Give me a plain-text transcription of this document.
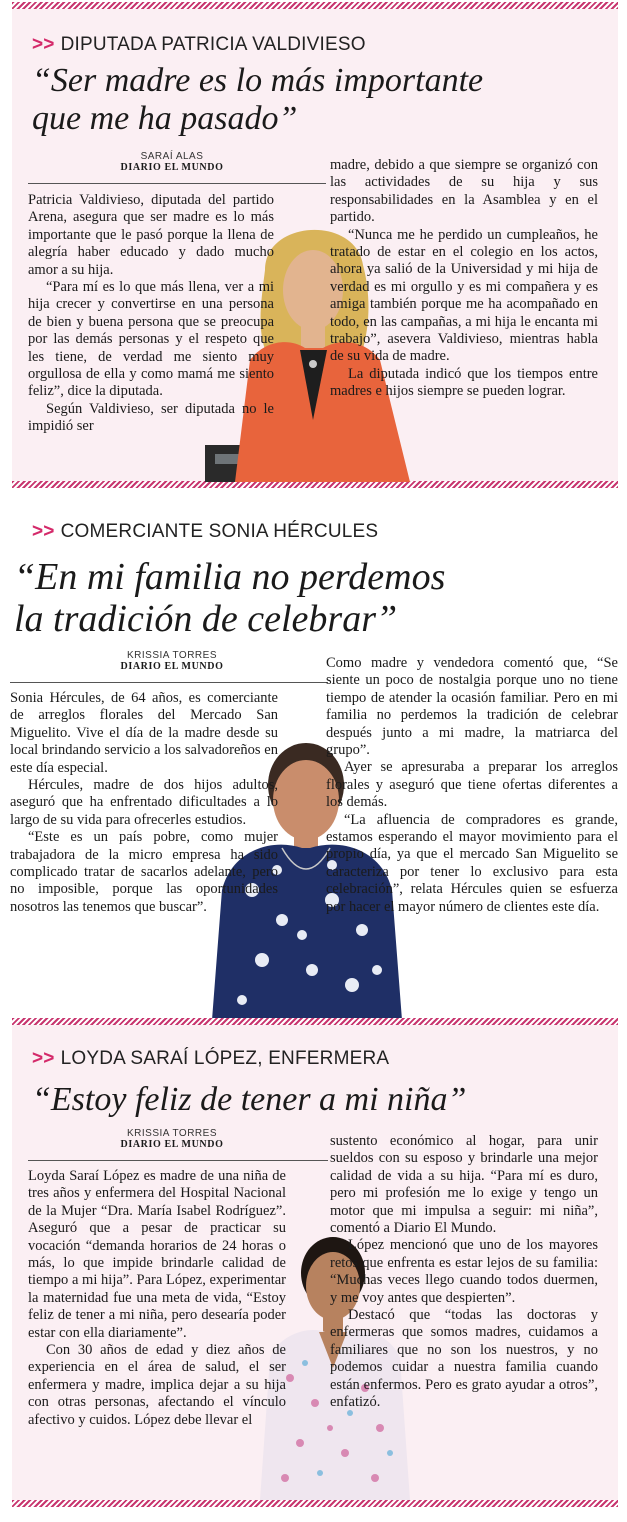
>> DIPUTADA PATRICIA VALDIVIESO
“Ser madre es lo más importante
que me ha pasado”
SARAÍ ALAS
DIARIO EL MUNDO

Patricia Valdivieso, diputada del partido Arena, asegura que ser madre es lo más importante que le pasó porque la llena de alegría haber educado y dado mucho amor a su hija.

“Para mí es lo que más llena, ver a mi hija crecer y convertirse en una persona de bien y buena persona que se preocupa por las demás personas y el respeto que les tiene, de verdad me siento muy orgullosa de ella y como mamá me siento feliz”, dice la diputada.

Según Valdivieso, ser diputada no le impidió ser

madre, debido a que siempre se organizó con las actividades de su hija y sus responsabilidades en la Asamblea y en el partido.

“Nunca me he perdido un cumpleaños, he tratado de estar en el colegio en los actos, ahora ya salió de la Universidad y mi hija de verdad es mi orgullo y es mi compañera y es amiga también porque me ha acompañado en todo, en las campañas, a mi hija le encanta mi trabajo”, asevera Valdivieso, mientras habla de su vida de madre.

La diputada indicó que los tiempos entre madres e hijos siempre se pueden lograr.

>> COMERCIANTE SONIA HÉRCULES
“En mi familia no perdemos
la tradición de celebrar”
KRISSIA TORRES
DIARIO EL MUNDO

Sonia Hércules, de 64 años, es comerciante de arreglos florales del Mercado San Miguelito. Vive el día de la madre desde su local brindando servicio a los salvadoreños en este día especial.

Hércules, madre de dos hijos adultos, aseguró que ha enfrentado dificultades a lo largo de su vida para ofrecerles estudios.

“Este es un país pobre, como mujer trabajadora de la micro empresa ha sido complicado tratar de sacarlos adelante, pero no imposible, porque las oportunidades nosotros las tenemos que buscar”.

Como madre y vendedora comentó que, “Se siente un poco de nostalgia porque uno no tiene tiempo de atender la ocasión familiar. Pero en mi familia no perdemos la tradición de celebrar después junto a mi madre, la matriarca del grupo”.

Ayer se apresuraba a preparar los arreglos florales y aseguró que tiene ofertas diferentes a los demás.

“La afluencia de compradores es grande, estamos esperando el mayor movimiento para el propio día, ya que el mercado San Miguelito se caracteriza por tener lo exclusivo para esta celebración”, relata Hércules quien se esfuerza por hacer el mayor número de clientes este día.

>> LOYDA SARAÍ LÓPEZ, ENFERMERA
“Estoy feliz de tener a mi niña”
KRISSIA TORRES
DIARIO EL MUNDO

Loyda Saraí López es madre de una niña de tres años y enfermera del Hospital Nacional de la Mujer “Dra. María Isabel Rodríguez”. Aseguró que a pesar de practicar su vocación “demanda horarios de 24 horas o más, lo que impide brindarle calidad de tiempo a mi hija”. Para López, experimentar la maternidad fue una meta de vida, “Estoy feliz de tener a mi niña, pero desearía poder estar con ella diariamente”.

Con 30 años de edad y diez años de experiencia en el área de salud, el ser enfermera y madre, implica dejar a su hija con otras personas, afectando el vínculo afectivo y cuidos. López debe llevar el

sustento económico al hogar, para unir sueldos con su esposo y brindarle una mejor calidad de vida a su hija. “Para mí es duro, pero mi profesión me lo exige y tengo un motor que mi impulsa a seguir: mi niña”, comentó a Diario El Mundo.

López mencionó que uno de los mayores retos que enfrenta es estar lejos de su familia: “Muchas veces llego cuando todos duermen, y me voy antes que despierten”.

Destacó que “todas las doctoras y enfermeras que somos madres, cuidamos a familiares que no son los nuestros, y no podemos cuidar a nuestra familia cuando están enfermos. Pero es grato ayudar a otros”, enfatizó.
